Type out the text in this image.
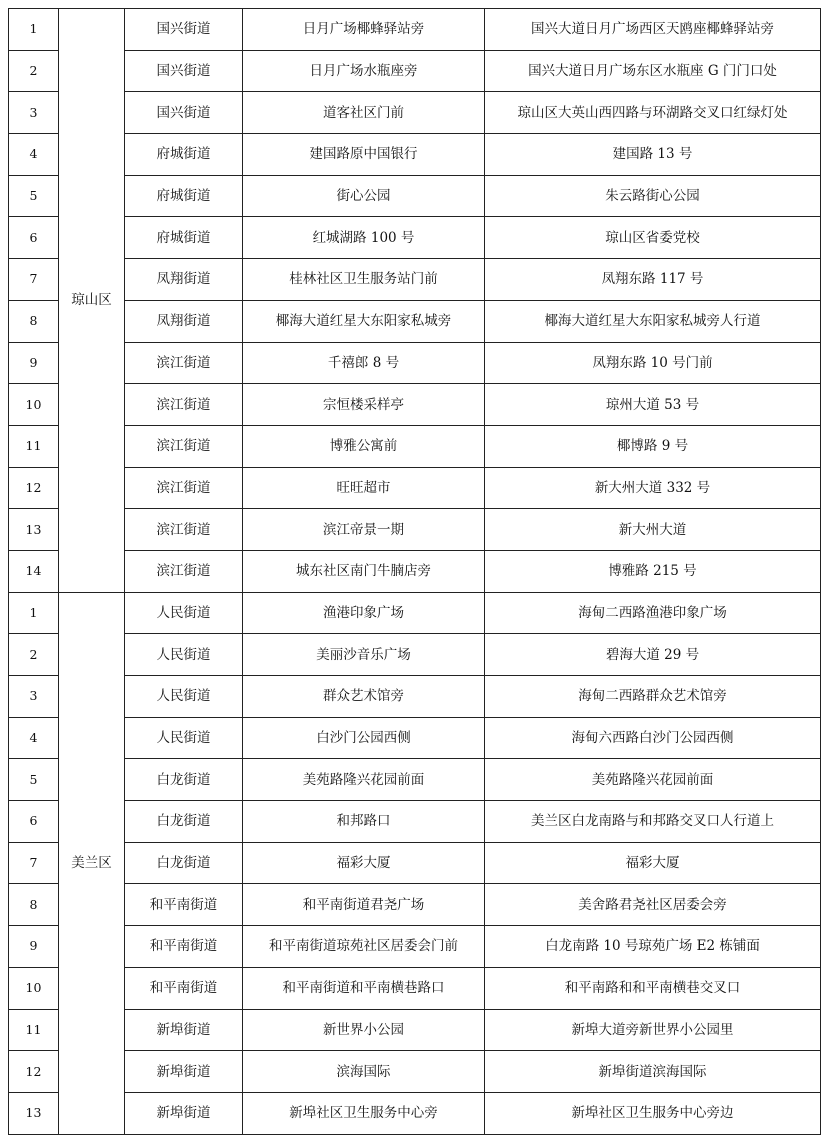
1	琼山区	国兴街道	日月广场椰蜂驿站旁	国兴大道日月广场西区天鸥座椰蜂驿站旁
2		国兴街道	日月广场水瓶座旁	国兴大道日月广场东区水瓶座 G 门门口处
3		国兴街道	道客社区门前	琼山区大英山西四路与环湖路交叉口红绿灯处
4		府城街道	建国路原中国银行	建国路 13 号
5		府城街道	街心公园	朱云路街心公园
6		府城街道	红城湖路 100 号	琼山区省委党校
7		凤翔街道	桂林社区卫生服务站门前	凤翔东路 117 号
8		凤翔街道	椰海大道红星大东阳家私城旁	椰海大道红星大东阳家私城旁人行道
9		滨江街道	千禧郎 8 号	凤翔东路 10 号门前
10		滨江街道	宗恒楼采样亭	琼州大道 53 号
11		滨江街道	博雅公寓前	椰博路 9 号
12		滨江街道	旺旺超市	新大州大道 332 号
13		滨江街道	滨江帝景一期	新大州大道
14		滨江街道	城东社区南门牛腩店旁	博雅路 215 号
1	美兰区	人民街道	渔港印象广场	海甸二西路渔港印象广场
2		人民街道	美丽沙音乐广场	碧海大道 29 号
3		人民街道	群众艺术馆旁	海甸二西路群众艺术馆旁
4		人民街道	白沙门公园西侧	海甸六西路白沙门公园西侧
5		白龙街道	美苑路隆兴花园前面	美苑路隆兴花园前面
6		白龙街道	和邦路口	美兰区白龙南路与和邦路交叉口人行道上
7		白龙街道	福彩大厦	福彩大厦
8		和平南街道	和平南街道君尧广场	美舍路君尧社区居委会旁
9		和平南街道	和平南街道琼苑社区居委会门前	白龙南路 10 号琼苑广场 E2 栋铺面
10		和平南街道	和平南街道和平南横巷路口	和平南路和和平南横巷交叉口
11		新埠街道	新世界小公园	新埠大道旁新世界小公园里
12		新埠街道	滨海国际	新埠街道滨海国际
13		新埠街道	新埠社区卫生服务中心旁	新埠社区卫生服务中心旁边
